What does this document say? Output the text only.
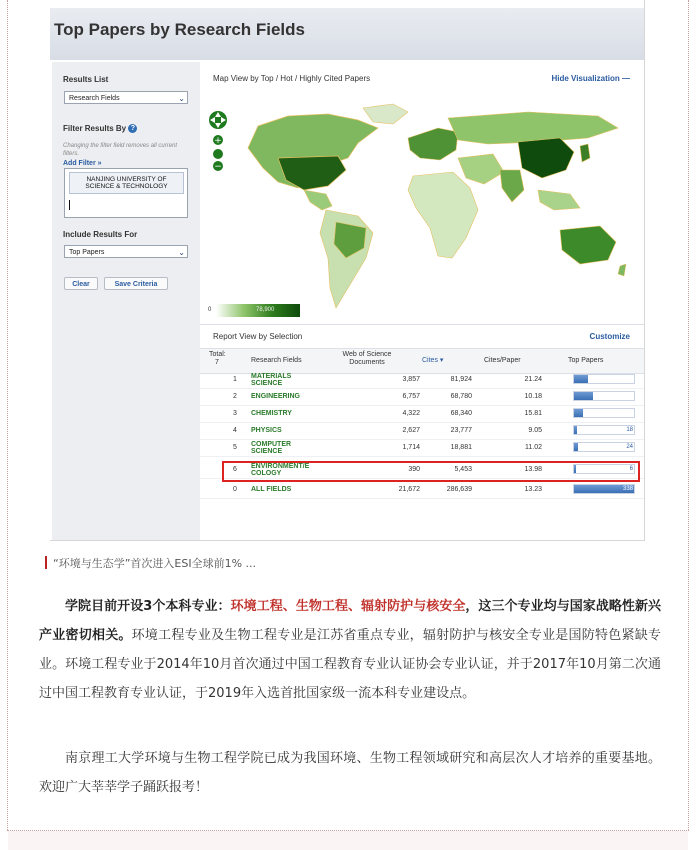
Top Papers by Research Fields
Results List
Research Fields	⌄
Filter Results By ?
Changing the filter field removes all current filters.
Add Filter »
NANJING UNIVERSITY OF
SCIENCE & TECHNOLOGY
Include Results For
Top Papers	⌄
Clear	Save Criteria
Map View by Top / Hot / Highly Cited Papers	Hide Visualization —
+
−
0	78,900
Report View by Selection	Customize
Total:
7	Research Fields
Web of Science Documents	Cites ▾	Cites/Paper	Top Papers
1	MATERIALS
SCIENCE
3,857	81,924	21.24	78
2	ENGINEERING	6,757	68,780	10.18	106
3	CHEMISTRY	4,322	68,340	15.81	53
4	PHYSICS	2,627	23,777	9.05	18
5	COMPUTER
SCIENCE
1,714	18,881	11.02	24
6	ENVIRONMENT/E
COLOGY
390	5,453	13.98	6
0	ALL FIELDS	21,672	286,639	13.23	338
“环境与生态学”首次进入ESI全球前1% ...
学院目前开设3个本科专业：环境工程、生物工程、辐射防护与核安全，这三个专业均与国家战略性新兴产业密切相关。环境工程专业及生物工程专业是江苏省重点专业，辐射防护与核安全专业是国防特色紧缺专业。环境工程专业于2014年10月首次通过中国工程教育专业认证协会专业认证，并于2017年10月第二次通过中国工程教育专业认证，于2019年入选首批国家级一流本科专业建设点。
南京理工大学环境与生物工程学院已成为我国环境、生物工程领域研究和高层次人才培养的重要基地。欢迎广大莘莘学子踊跃报考！
